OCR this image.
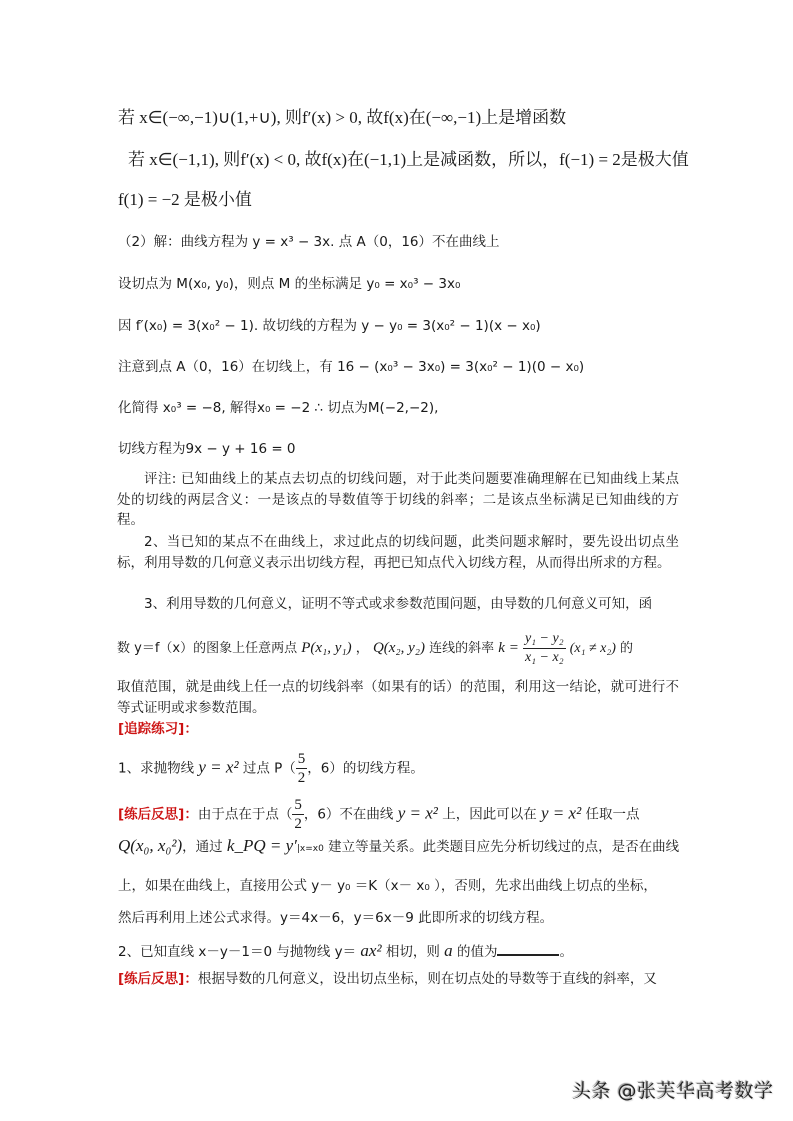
若 x∈(−∞,−1)∪(1,+∪), 则f′(x) > 0, 故f(x)在(−∞,−1)上是增函数
若 x∈(−1,1), 则f′(x) < 0, 故f(x)在(−1,1)上是减函数，所以，f(−1) = 2是极大值
f(1) = −2 是极小值
（2）解：曲线方程为 y = x³ − 3x. 点 A（0，16）不在曲线上
设切点为 M(x₀, y₀)，则点 M 的坐标满足 y₀ = x₀³ − 3x₀
因 f′(x₀) = 3(x₀² − 1). 故切线的方程为 y − y₀ = 3(x₀² − 1)(x − x₀)
注意到点 A（0，16）在切线上，有 16 − (x₀³ − 3x₀) = 3(x₀² − 1)(0 − x₀)
化简得 x₀³ = −8, 解得x₀ = −2 ∴ 切点为M(−2,−2),
切线方程为9x − y + 16 = 0
评注: 已知曲线上的某点去切点的切线问题，对于此类问题要准确理解在已知曲线上某点处的切线的两层含义：一是该点的导数值等于切线的斜率；二是该点坐标满足已知曲线的方程。
2、当已知的某点不在曲线上，求过此点的切线问题，此类问题求解时，要先设出切点坐标，利用导数的几何意义表示出切线方程，再把已知点代入切线方程，从而得出所求的方程。
3、利用导数的几何意义，证明不等式或求参数范围问题，由导数的几何意义可知，函
数 y＝f（x）的图象上任意两点 P(x₁, y₁) ， Q(x₂, y₂) 连线的斜率 $k = \frac{\text{y₁ − y₂}}{\text{x₁ − x₂}} (x_1 \ne x_2)$ 的
取值范围，就是曲线上任一点的切线斜率（如果有的话）的范围，利用这一结论，就可进行不等式证明或求参数范围。
[追踪练习]：
1、求抛物线 y = x² 过点 $P( \frac{5}{2}$ ，6）的切线方程。
[练后反思]：由于点在于点（ $\frac{5}{2}$ ，6）不在曲线 y = x² 上，因此可以在 y = x² 任取一点
Q(x₀, x₀²)，通过 k_PQ = y′|x=x0 建立等量关系。此类题目应先分析切线过的点，是否在曲线
上，如果在曲线上，直接用公式 y－ y₀ ＝K（x－ x₀ ），否则，先求出曲线上切点的坐标，
然后再利用上述公式求得。y＝4x－6，y＝6x－9 此即所求的切线方程。
2、已知直线 x－y－1＝0 与抛物线 y＝ ax² 相切，则 a 的值为	。
[练后反思]：根据导数的几何意义，设出切点坐标，则在切点处的导数等于直线的斜率，又
头条 @张芙华高考数学
